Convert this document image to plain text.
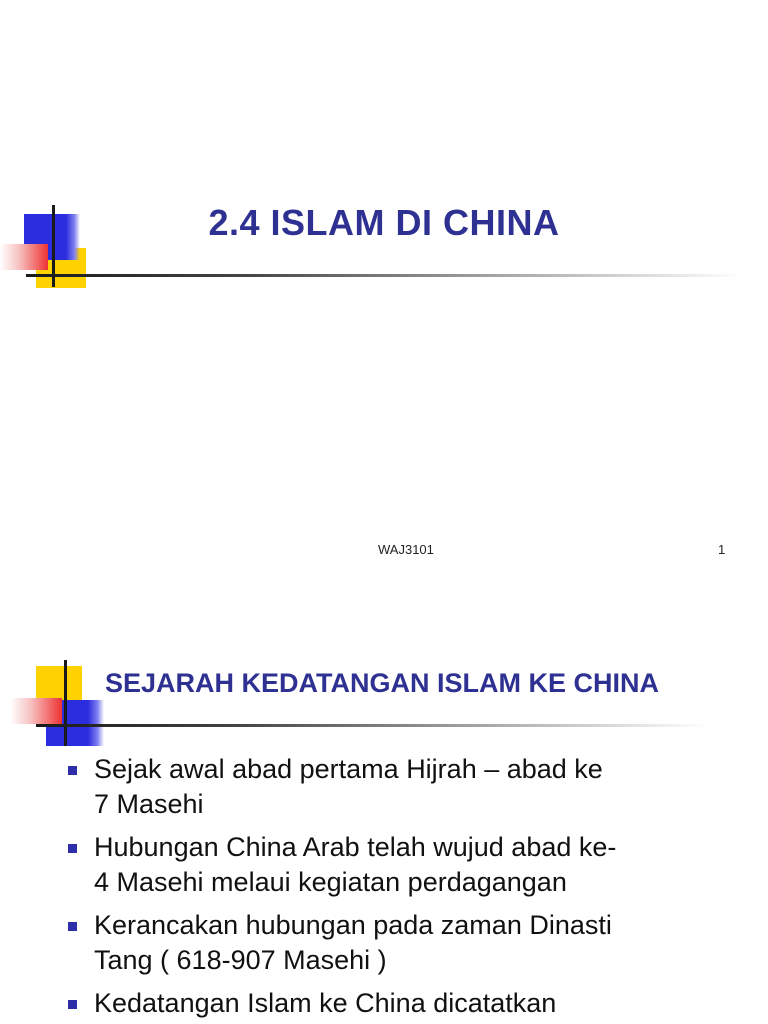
2.4 ISLAM DI CHINA
WAJ3101	1
SEJARAH KEDATANGAN ISLAM KE CHINA
Sejak awal abad pertama Hijrah – abad ke
7 Masehi
Hubungan China Arab telah wujud abad ke-
4 Masehi melaui kegiatan perdagangan
Kerancakan hubungan pada zaman Dinasti
Tang ( 618-907 Masehi )
Kedatangan Islam ke China dicatatkan
